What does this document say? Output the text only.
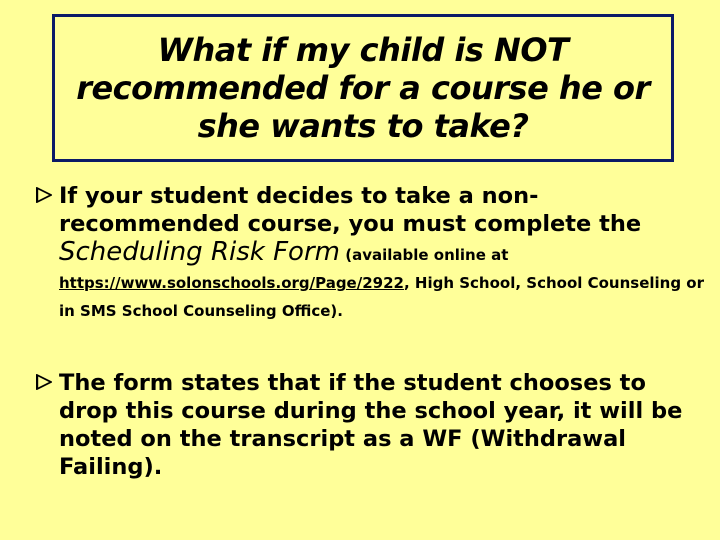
What if my child is NOT
recommended for a course he or
she wants to take?
If your student decides to take a non-recommended course, you must complete the Scheduling Risk Form (available online at
https://www.solonschools.org/Page/2922, High School, School Counseling or in SMS School Counseling Office).
The form states that if the student chooses to drop this course during the school year, it will be noted on the transcript as a WF (Withdrawal Failing).
